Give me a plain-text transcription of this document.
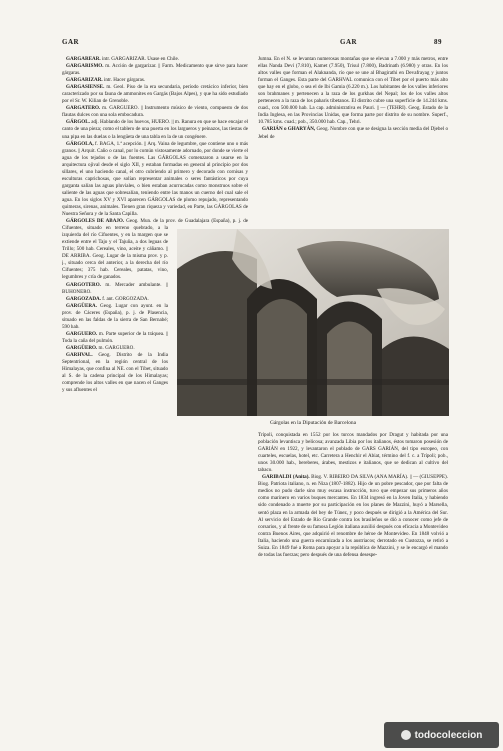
GAR	GAR	89

GARGAREAR. intr. GARGARIZAR. Úsase en Chile.

GARGARISMO. m. Acción de gargarizar. || Farm. Medicamento que sirve para hacer gárgaras.

GARGARIZAR. intr. Hacer gárgaras.

GARGASIENSE. m. Geol. Piso de la era secundaria, período cretácico inferior, bien caracterizado por su fauna de ammonites en Gargás (Bajos Alpes), y que ha sido estudiado por el Sr. W. Kilian de Grenoble.

GARGATERO. m. GARGUERO. || Instrumento músico de viento, compuesto de dos flautas dulces con una sola embocadura.

GÁRGOL. adj. Hablando de los huevos, HUERO. || m. Ranura en que se hace encajar el canto de una pieza; como el tablero de una puerta en los largueros y peinazos, las tiestas de una pipa en las duelas o la lengüeta de una tabla en la de un congénere.

GÁRGOLA, f. BAGA, 1.ª acepción. || Arq. Vaina de legumbre, que contiene uno o más granos. || Arquit. Caño o canal, por lo común vistosamente adornado, por donde se vierte el agua de los tejados o de las fuentes. Las GÁRGOLAS comenzaron a usarse en la arquitectura ojival desde el siglo XII, y estaban formadas en general al principio por dos sillares, el uno haciendo canal, el otro cubriendo al primero y decorado con cornisas y esculturas caprichosas, que solían representar animales o seres fantásticos por cuya garganta salían las aguas pluviales, o bien estaban acurrucadas como monstruos sobre el saliente de las aguas que sobresalían, teniendo entre las manos un cuerno del cual sale el agua. En los siglos XV y XVI aparecen GÁRGOLAS de plomo repujado, representando quimeras, sirenas, animales. Tienen gran riqueza y variedad, en Parte, las GÁRGOLAS de Nuestra Señora y de la Santa Capilla.

GÁRGOLES DE ABAJO. Geog. Mun. de la prov. de Guadalajara (España), p. j. de Cifuentes, situado en terreno quebrado, a la izquierda del río Cifuentes, y en la margen que se extiende entre el Tajo y el Tajuña, a dos leguas de Trillo; 500 hab. Cereales, vino, aceite y cáñamo. || DE ARRIBA. Geog. Lugar de la misma prov. y p. j., situado cerca del anterior, a la derecha del río Cifuentes; 375 hab. Cereales, patatas, vino, legumbres y cría de ganados.

GARGOTERO. m. Mercader ambulante. || BUHONERO.

GARGOZADA. f. ant. GORGOZADA.

GARGÜERA. Geog. Lugar con ayunt. en la prov. de Cáceres (España), p. j. de Plasencia, situado en las faldas de la sierra de San Bernabé; 590 hab.

GARGUERO. m. Parte superior de la tráquea. || Toda la caña del pulmón.

GARGÜERO. m. GARGUERO.

GARHVAL. Geog. Distrito de la India Septentrional, en la región central de los Himalayas, que confina al NE. con el Tíbet, situado al S. de la cadena principal de los Himalayas; comprende los altos valles en que nacen el Ganges y sus afluentes el

Jumna. En el N. se levantan numerosas montañas que se elevan a 7.000 y más metros, entre ellas Nanda Deví (7.810), Kamet (7.950), Trisul (7.800), Badrinath (6.980) y otras. En los altos valles que forman el Alaknanda, río que se une al Bhagirathi en Devafrayag y juntos forman el Ganges. Esta parte del GARHVAL comunica con el Tibet por el puerto más alto que hay en el globo, o sea el de Ibi Gamia (6.220 m.). Los habitantes de los valles inferiores son brahmanes y pertenecen a la raza de los gurkhas del Nepal; los de los valles altos pertenecen a la raza de los paharis tibetanos. El distrito cubre una superficie de 14.244 kms. cuad., con 500.000 hab. La cap. administrativa es Pauri. || — (TEHRI). Geog. Estado de la India Inglesa, en las Provincias Unidas, que forma parte por distrito de su nombre. Superf., 10.785 kms. cuad.; pob., 350.000 hab. Cap., Tehri.

GARIÁN o GHARYÁN, Geog. Nombre con que se designa la sección media del Djebel o Jebel de

Gárgolas en la Diputación de Barcelona

Trípoli, conquistada en 1552 por los turcos mandados por Dragut y habitada por una población levantisca y belicosa; avanzada Libia por los italianos, éstos tomaron posesión de GARIÁN en 1922, y levantaron el poblado de GARS GARIÁN, del tipo europeo, con cuarteles, escuelas, hotel, etc. Carretera a Henchir el Abiat, término del f. c. a Trípoli; pob., unos 30.000 hab., bereberes, árabes, mestizos e italianos, que se dedican al cultivo del tabaco.

GARIBALDI (Anita). Biog. V. RIBEIRO DA SILVA (ANA MARÍA). || — (GIUSEPPE). Biog. Patriota italiano, n. en Niza (1807-1882). Hijo de un pobre pescador, que por falta de medios no pudo darle sino muy escasa instrucción, tuvo que empezar sus primeros años como marinero en varios buques mercantes. En 1834 ingresó en la Joven Italia, y habiendo sido condenado a muerte por su participación en los planes de Mazzini, huyó a Marsella, sentó plaza en la armada del bey de Túnez, y poco después se dirigió a la América del Sur. Al servicio del Estado de Río Grande contra los brasileños se dió a conocer como jefe de corsarios, y al frente de su famosa Legión italiana auxilió después con eficacia a Montevideo contra Buenos Aires, que adquirió el renombre de héroe de Montevideo. En 1848 volvió a Italia, haciendo una guerra encarnizada a los austriacos; derrotado en Custozza, se retiró a Suiza. En 1849 fué a Roma para apoyar a la república de Mazzini, y se le encargó el mando de todas las fuerzas; pero después de una defensa desespe-

todocoleccion
